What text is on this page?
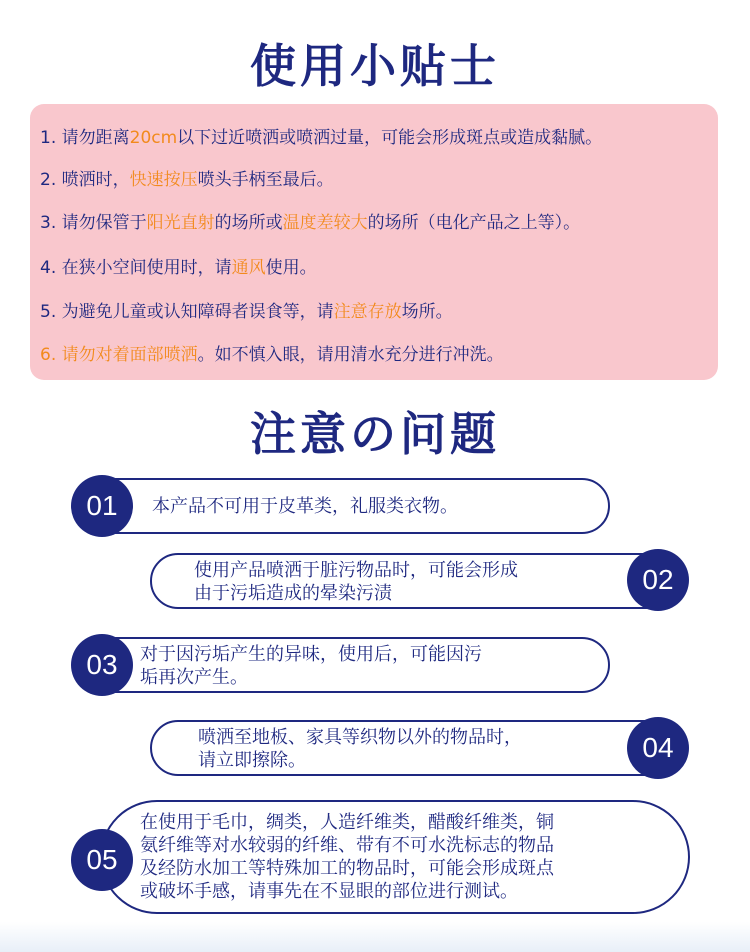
使用小贴士
1. 请勿距离20cm以下过近喷洒或喷洒过量，可能会形成斑点或造成黏腻。
2. 喷洒时，快速按压喷头手柄至最后。
3. 请勿保管于阳光直射的场所或温度差较大的场所（电化产品之上等）。
4. 在狭小空间使用时，请通风使用。
5. 为避免儿童或认知障碍者误食等，请注意存放场所。
6. 请勿对着面部喷洒。如不慎入眼，请用清水充分进行冲洗。
注意の问题
本产品不可用于皮革类，礼服类衣物。
01
使用产品喷洒于脏污物品时，可能会形成
由于污垢造成的晕染污渍	02
对于因污垢产生的异味，使用后，可能因污
垢再次产生。
03
喷洒至地板、家具等织物以外的物品时，
请立即擦除。	04
在使用于毛巾，绸类，人造纤维类，醋酸纤维类，铜
氨纤维等对水较弱的纤维、带有不可水洗标志的物品
及经防水加工等特殊加工的物品时，可能会形成斑点
或破坏手感，请事先在不显眼的部位进行测试。
05
